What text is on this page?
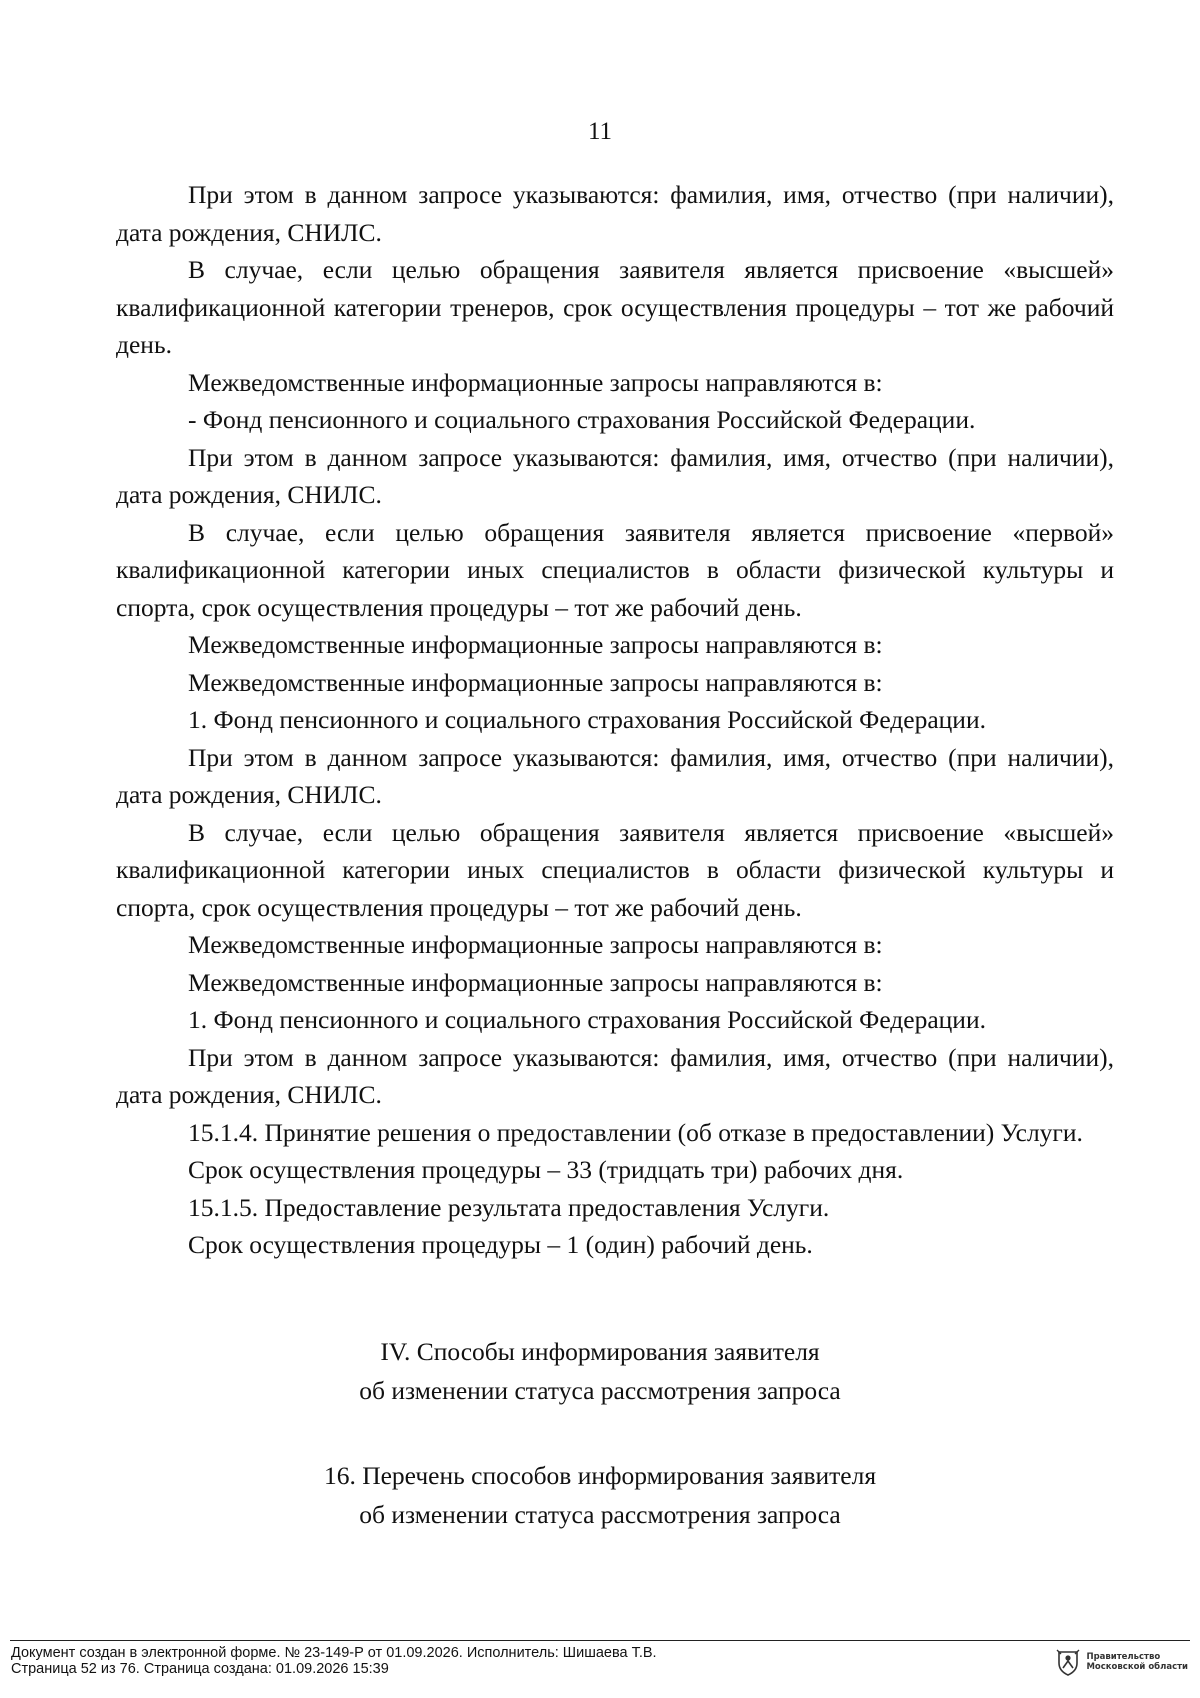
11

При этом в данном запросе указываются: фамилия, имя, отчество (при наличии), дата рождения, СНИЛС.

В случае, если целью обращения заявителя является присвоение «высшей» квалификационной категории тренеров, срок осуществления процедуры – тот же рабочий день.

Межведомственные информационные запросы направляются в:

- Фонд пенсионного и социального страхования Российской Федерации.

При этом в данном запросе указываются: фамилия, имя, отчество (при наличии), дата рождения, СНИЛС.

В случае, если целью обращения заявителя является присвоение «первой» квалификационной категории иных специалистов в области физической культуры и спорта, срок осуществления процедуры – тот же рабочий день.

Межведомственные информационные запросы направляются в:

Межведомственные информационные запросы направляются в:

1. Фонд пенсионного и социального страхования Российской Федерации.

При этом в данном запросе указываются: фамилия, имя, отчество (при наличии), дата рождения, СНИЛС.

В случае, если целью обращения заявителя является присвоение «высшей» квалификационной категории иных специалистов в области физической культуры и спорта, срок осуществления процедуры – тот же рабочий день.

Межведомственные информационные запросы направляются в:

Межведомственные информационные запросы направляются в:

1. Фонд пенсионного и социального страхования Российской Федерации.

При этом в данном запросе указываются: фамилия, имя, отчество (при наличии), дата рождения, СНИЛС.

15.1.4. Принятие решения о предоставлении (об отказе в предоставлении) Услуги.

Срок осуществления процедуры – 33 (тридцать три) рабочих дня.

15.1.5. Предоставление результата предоставления Услуги.

Срок осуществления процедуры – 1 (один) рабочий день.

IV. Способы информирования заявителя
об изменении статуса рассмотрения запроса
16. Перечень способов информирования заявителя
об изменении статуса рассмотрения запроса
Документ создан в электронной форме. № 23-149-Р от 01.09.2026. Исполнитель: Шишаева Т.В.
Страница 52 из 76. Страница создана: 01.09.2026 15:39
Правительство
Московской области
